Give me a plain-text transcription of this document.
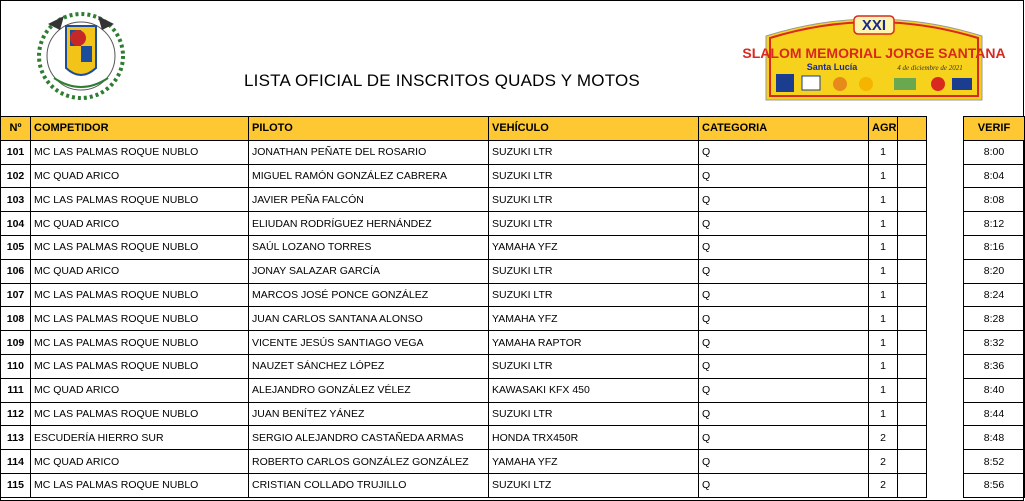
LISTA OFICIAL DE INSCRITOS QUADS Y MOTOS
XXI
SLALOM MEMORIAL JORGE SANTANA
Santa Lucía	4 de diciembre de 2021
Nº	COMPETIDOR	PILOTO	VEHÍCULO	CATEGORIA	AGR			VERIF
101	MC LAS PALMAS ROQUE NUBLO	JONATHAN PEÑATE DEL ROSARIO	SUZUKI LTR	Q	1			8:00
102	MC QUAD ARICO	MIGUEL RAMÓN GONZÁLEZ CABRERA	SUZUKI LTR	Q	1			8:04
103	MC LAS PALMAS ROQUE NUBLO	JAVIER PEÑA FALCÓN	SUZUKI LTR	Q	1			8:08
104	MC QUAD ARICO	ELIUDAN RODRÍGUEZ HERNÁNDEZ	SUZUKI LTR	Q	1			8:12
105	MC LAS PALMAS ROQUE NUBLO	SAÚL LOZANO TORRES	YAMAHA YFZ	Q	1			8:16
106	MC QUAD ARICO	JONAY SALAZAR GARCÍA	SUZUKI LTR	Q	1			8:20
107	MC LAS PALMAS ROQUE NUBLO	MARCOS JOSÉ PONCE GONZÁLEZ	SUZUKI LTR	Q	1			8:24
108	MC LAS PALMAS ROQUE NUBLO	JUAN CARLOS SANTANA ALONSO	YAMAHA YFZ	Q	1			8:28
109	MC LAS PALMAS ROQUE NUBLO	VICENTE JESÚS SANTIAGO VEGA	YAMAHA RAPTOR	Q	1			8:32
110	MC LAS PALMAS ROQUE NUBLO	NAUZET SÁNCHEZ LÓPEZ	SUZUKI LTR	Q	1			8:36
111	MC QUAD ARICO	ALEJANDRO GONZÁLEZ VÉLEZ	KAWASAKI KFX 450	Q	1			8:40
112	MC LAS PALMAS ROQUE NUBLO	JUAN BENÍTEZ YÁNEZ	SUZUKI LTR	Q	1			8:44
113	ESCUDERÍA HIERRO SUR	SERGIO ALEJANDRO CASTAÑEDA ARMAS	HONDA TRX450R	Q	2			8:48
114	MC QUAD ARICO	ROBERTO CARLOS GONZÁLEZ GONZÁLEZ	YAMAHA YFZ	Q	2			8:52
115	MC LAS PALMAS ROQUE NUBLO	CRISTIAN COLLADO TRUJILLO	SUZUKI LTZ	Q	2			8:56
